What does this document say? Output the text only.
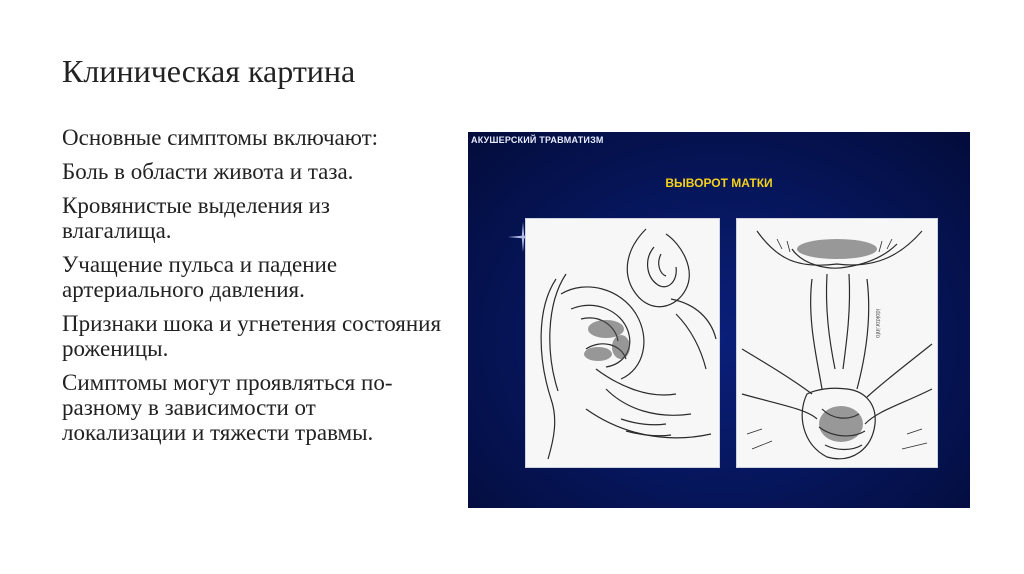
Клиническая картина
Основные симптомы включают:
Боль в области живота и таза.
Кровянистые выделения из влагалища.
Учащение пульса и падение артериального давления.
Признаки шока и угнетения состояния роженицы.
Симптомы могут проявляться по-разному в зависимости от локализации и тяжести травмы.
АКУШЕРСКИЙ ТРАВМАТИЗМ
ВЫВОРОТ МАТКИ
idoktor.info
